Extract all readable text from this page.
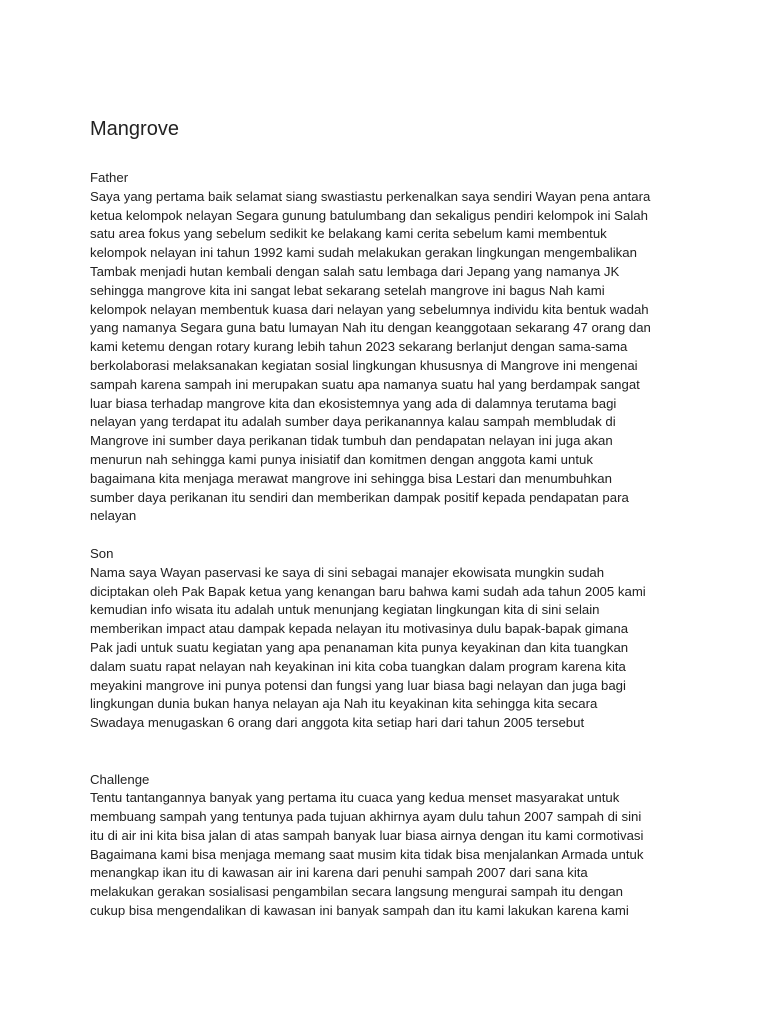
Mangrove

Father

Saya yang pertama baik selamat siang swastiastu perkenalkan saya sendiri Wayan pena antara
ketua kelompok nelayan Segara gunung batulumbang dan sekaligus pendiri kelompok ini Salah
satu area fokus yang sebelum sedikit ke belakang kami cerita sebelum kami membentuk
kelompok nelayan ini tahun 1992 kami sudah melakukan gerakan lingkungan mengembalikan
Tambak menjadi hutan kembali dengan salah satu lembaga dari Jepang yang namanya JK
sehingga mangrove kita ini sangat lebat sekarang setelah mangrove ini bagus Nah kami
kelompok nelayan membentuk kuasa dari nelayan yang sebelumnya individu kita bentuk wadah
yang namanya Segara guna batu lumayan Nah itu dengan keanggotaan sekarang 47 orang dan
kami ketemu dengan rotary kurang lebih tahun 2023 sekarang berlanjut dengan sama-sama
berkolaborasi melaksanakan kegiatan sosial lingkungan khususnya di Mangrove ini mengenai
sampah karena sampah ini merupakan suatu apa namanya suatu hal yang berdampak sangat
luar biasa terhadap mangrove kita dan ekosistemnya yang ada di dalamnya terutama bagi
nelayan yang terdapat itu adalah sumber daya perikanannya kalau sampah membludak di
Mangrove ini sumber daya perikanan tidak tumbuh dan pendapatan nelayan ini juga akan
menurun nah sehingga kami punya inisiatif dan komitmen dengan anggota kami untuk
bagaimana kita menjaga merawat mangrove ini sehingga bisa Lestari dan menumbuhkan
sumber daya perikanan itu sendiri dan memberikan dampak positif kepada pendapatan para
nelayan

Son

Nama saya Wayan paservasi ke saya di sini sebagai manajer ekowisata mungkin sudah
diciptakan oleh Pak Bapak ketua yang kenangan baru bahwa kami sudah ada tahun 2005 kami
kemudian info wisata itu adalah untuk menunjang kegiatan lingkungan kita di sini selain
memberikan impact atau dampak kepada nelayan itu motivasinya dulu bapak-bapak gimana
Pak jadi untuk suatu kegiatan yang apa penanaman kita punya keyakinan dan kita tuangkan
dalam suatu rapat nelayan nah keyakinan ini kita coba tuangkan dalam program karena kita
meyakini mangrove ini punya potensi dan fungsi yang luar biasa bagi nelayan dan juga bagi
lingkungan dunia bukan hanya nelayan aja Nah itu keyakinan kita sehingga kita secara
Swadaya menugaskan 6 orang dari anggota kita setiap hari dari tahun 2005 tersebut

Challenge

Tentu tantangannya banyak yang pertama itu cuaca yang kedua menset masyarakat untuk
membuang sampah yang tentunya pada tujuan akhirnya ayam dulu tahun 2007 sampah di sini
itu di air ini kita bisa jalan di atas sampah banyak luar biasa airnya dengan itu kami cormotivasi
Bagaimana kami bisa menjaga memang saat musim kita tidak bisa menjalankan Armada untuk
menangkap ikan itu di kawasan air ini karena dari penuhi sampah 2007 dari sana kita
melakukan gerakan sosialisasi pengambilan secara langsung mengurai sampah itu dengan
cukup bisa mengendalikan di kawasan ini banyak sampah dan itu kami lakukan karena kami
